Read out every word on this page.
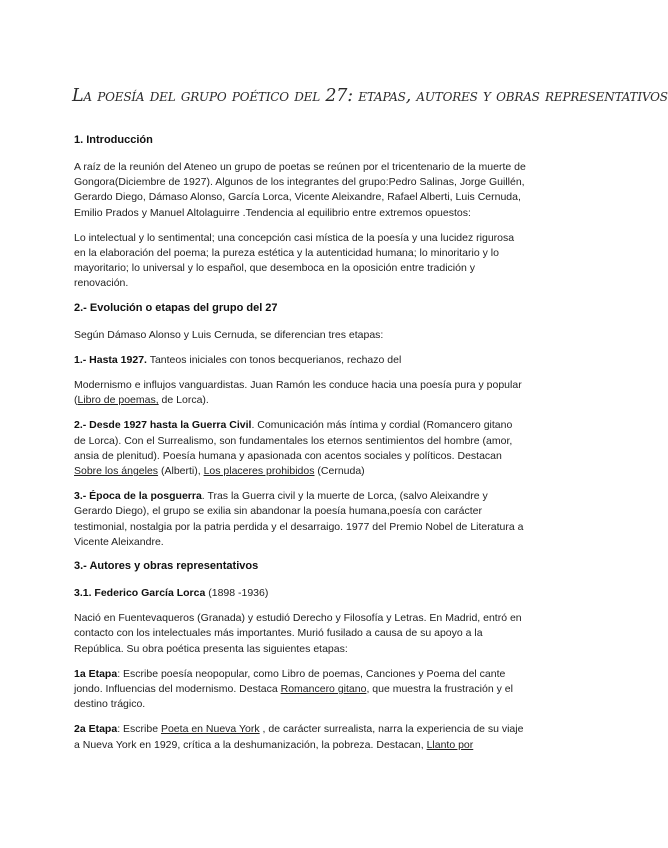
La poesía del grupo poético del 27: etapas, autores y obras representativos
1. Introducción

A raíz de la reunión del Ateneo un grupo de poetas se reúnen por el tricentenario de la muerte de Gongora(Diciembre de 1927). Algunos de los integrantes del grupo:Pedro Salinas, Jorge Guillén, Gerardo Diego, Dámaso Alonso, García Lorca, Vicente Aleixandre, Rafael Alberti, Luis Cernuda, Emilio Prados y Manuel Altolaguirre .Tendencia al equilibrio entre extremos opuestos:

Lo intelectual y lo sentimental; una concepción casi mística de la poesía y una lucidez rigurosa en la elaboración del poema; la pureza estética y la autenticidad humana; lo minoritario y lo mayoritario; lo universal y lo español, que desemboca en la oposición entre tradición y renovación.

2.- Evolución o etapas del grupo del 27

Según Dámaso Alonso y Luis Cernuda, se diferencian tres etapas:

1.- Hasta 1927. Tanteos iniciales con tonos becquerianos, rechazo del

Modernismo e influjos vanguardistas. Juan Ramón les conduce hacia una poesía pura y popular (Libro de poemas, de Lorca).

2.- Desde 1927 hasta la Guerra Civil. Comunicación más íntima y cordial (Romancero gitano de Lorca). Con el Surrealismo, son fundamentales los eternos sentimientos del hombre (amor, ansia de plenitud). Poesía humana y apasionada con acentos sociales y políticos. Destacan Sobre los ángeles (Alberti), Los placeres prohibidos (Cernuda)

3.- Época de la posguerra. Tras la Guerra civil y la muerte de Lorca, (salvo Aleixandre y Gerardo Diego), el grupo se exilia sin abandonar la poesía humana,poesía con carácter testimonial, nostalgia por la patria perdida y el desarraigo. 1977 del Premio Nobel de Literatura a Vicente Aleixandre.

3.- Autores y obras representativos

3.1. Federico García Lorca (1898 -1936)

Nació en Fuentevaqueros (Granada) y estudió Derecho y Filosofía y Letras. En Madrid, entró en contacto con los intelectuales más importantes. Murió fusilado a causa de su apoyo a la República. Su obra poética presenta las siguientes etapas:

1a Etapa: Escribe poesía neopopular, como Libro de poemas, Canciones y Poema del cante jondo. Influencias del modernismo. Destaca Romancero gitano, que muestra la frustración y el destino trágico.

2a Etapa: Escribe Poeta en Nueva York , de carácter surrealista, narra la experiencia de su viaje a Nueva York en 1929, crítica a la deshumanización, la pobreza. Destacan, Llanto por
